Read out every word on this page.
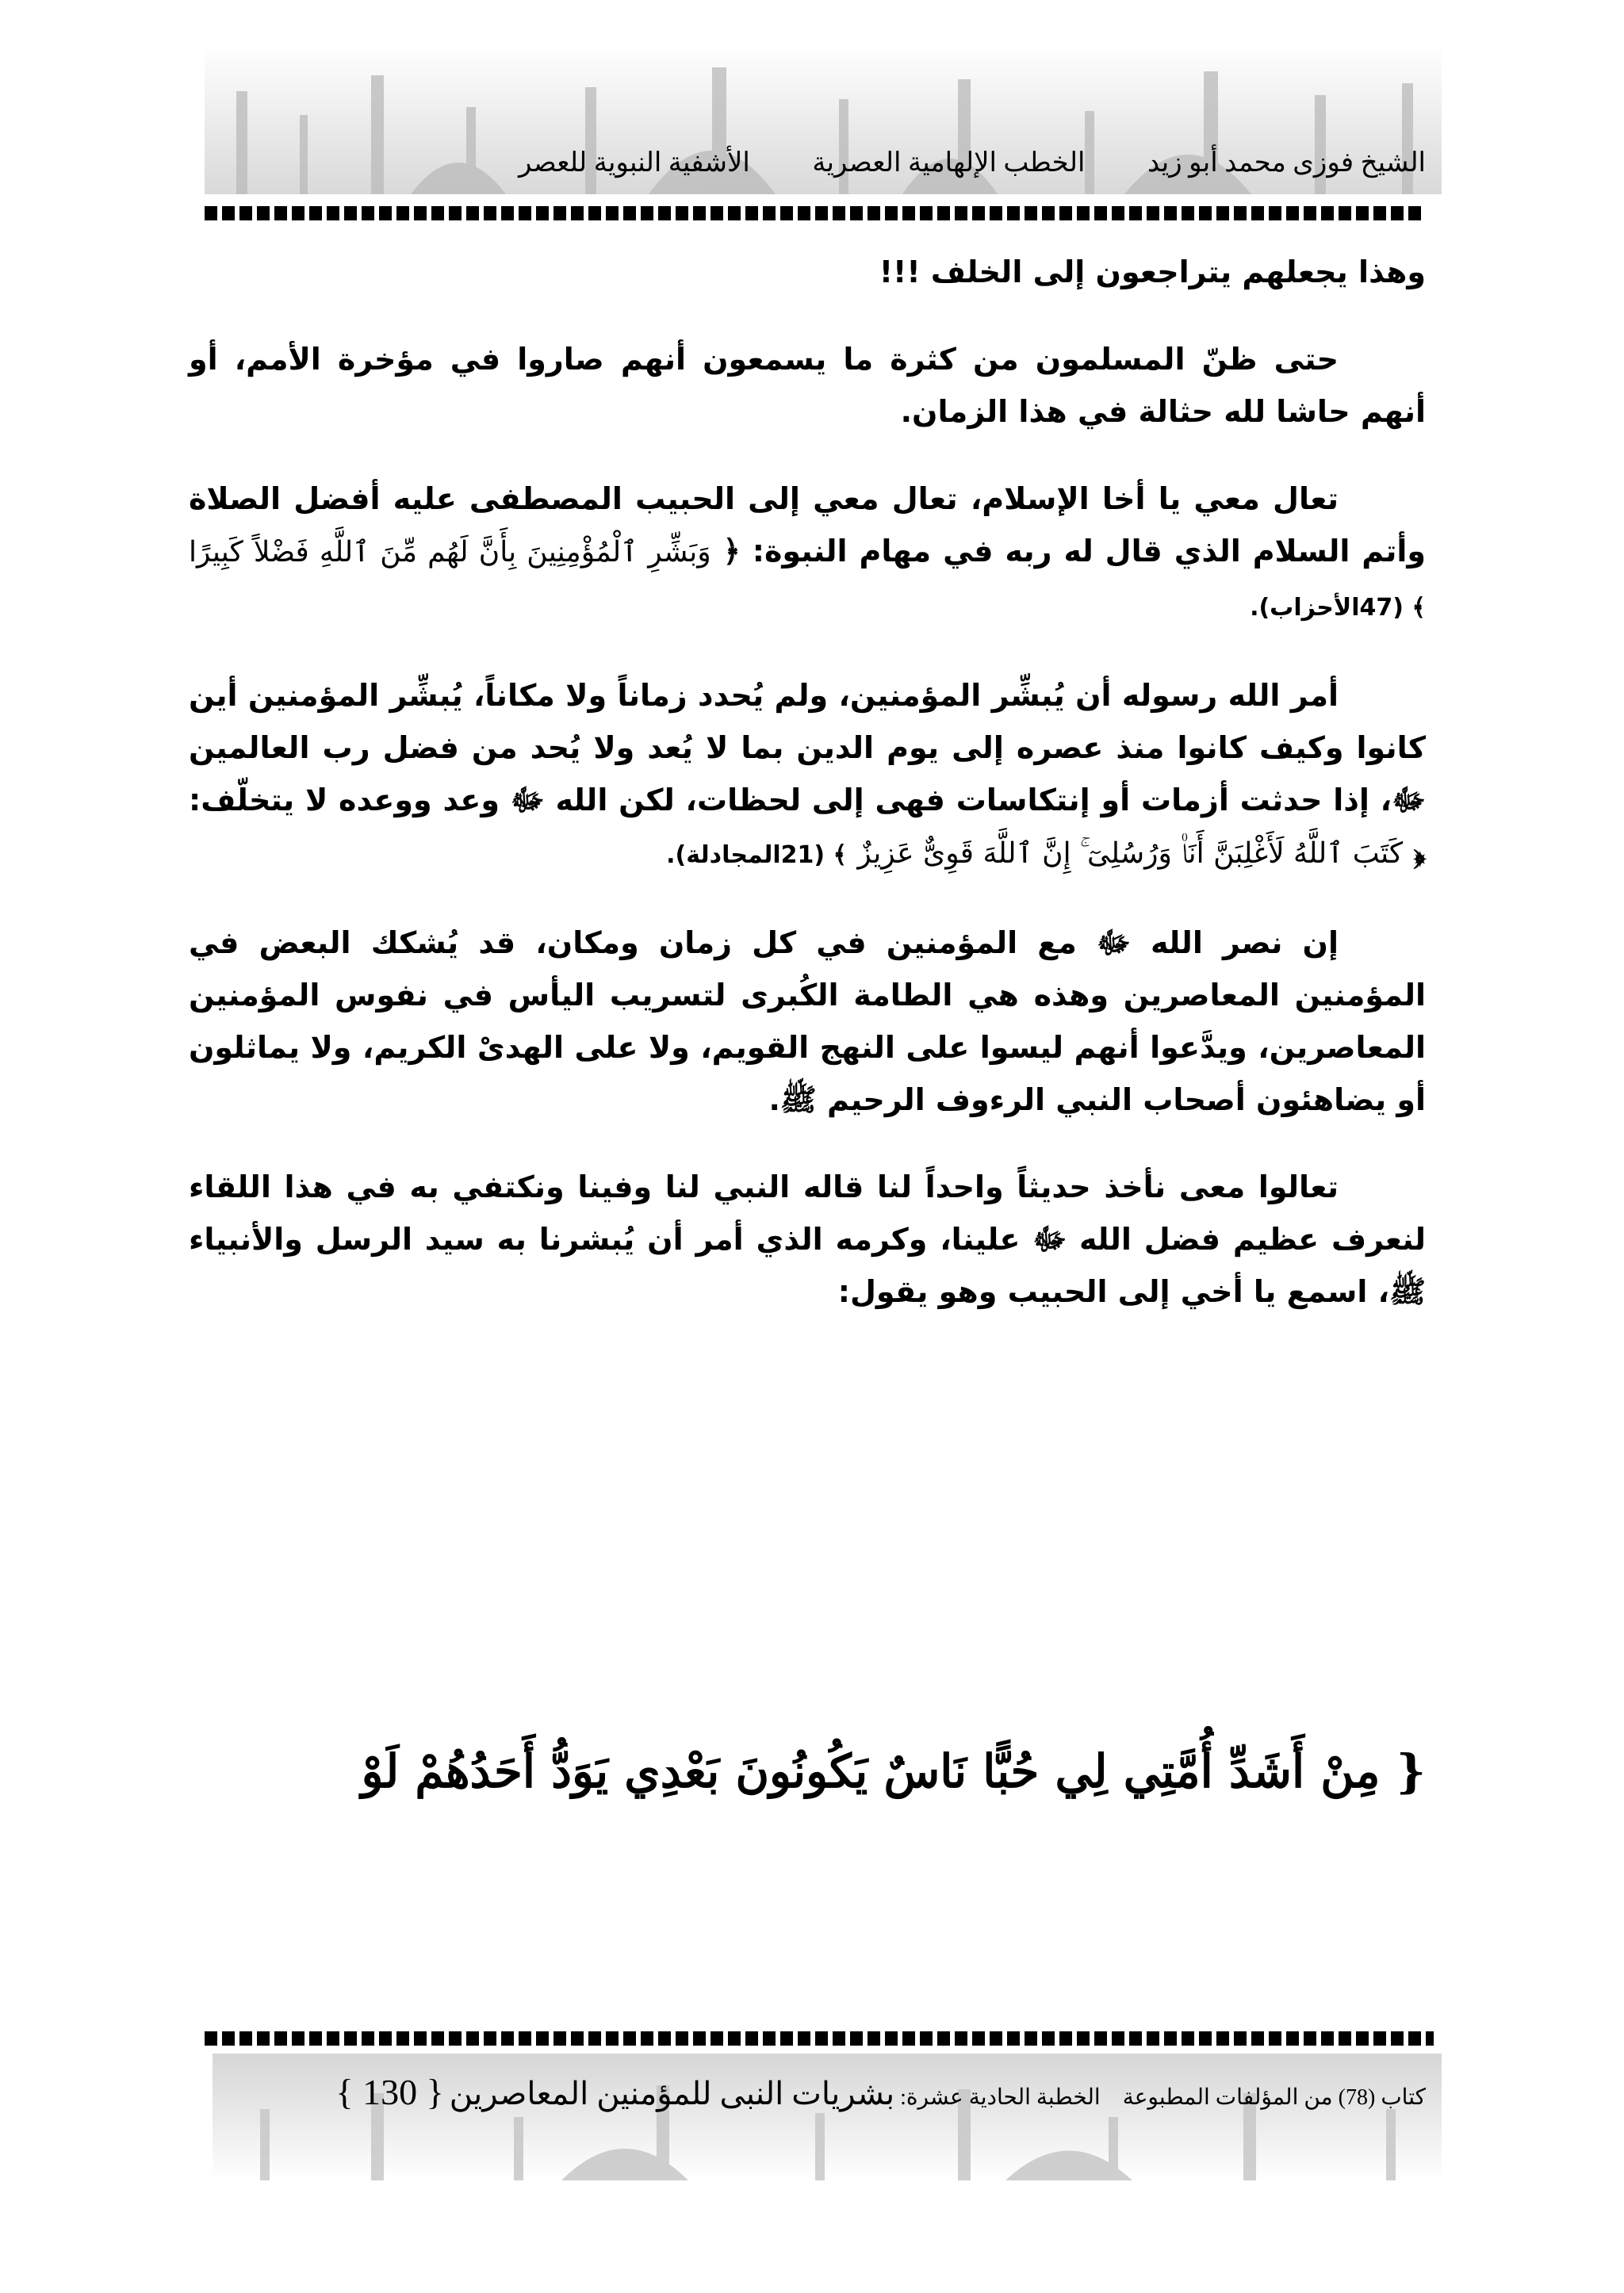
الشيخ فوزى محمد أبو زيد الخطب الإلهامية العصرية الأشفية النبوية للعصر

وهذا يجعلهم يتراجعون إلى الخلف !!!

حتى ظنّ المسلمون من كثرة ما يسمعون أنهم صاروا في مؤخرة الأمم، أو أنهم حاشا لله حثالة في هذا الزمان.

تعال معي يا أخا الإسلام، تعال معي إلى الحبيب المصطفى عليه أفضل الصلاة وأتم السلام الذي قال له ربه في مهام النبوة: ﴿ وَبَشِّرِ ٱلْمُؤْمِنِينَ بِأَنَّ لَهُم مِّنَ ٱللَّهِ فَضْلاً كَبِيرًا ﴾ (47الأحزاب).

أمر الله رسوله أن يُبشِّر المؤمنين، ولم يُحدد زماناً ولا مكاناً، يُبشِّر المؤمنين أين كانوا وكيف كانوا منذ عصره إلى يوم الدين بما لا يُعد ولا يُحد من فضل رب العالمين ﷻ، إذا حدثت أزمات أو إنتكاسات فهى إلى لحظات، لكن الله ﷻ وعد ووعده لا يتخلّف: ﴿ كَتَبَ ٱللَّهُ لَأَغْلِبَنَّ أَنَا۠ وَرُسُلِىٓ ۚ إِنَّ ٱللَّهَ قَوِىٌّ عَزِيزٌ ﴾ (21المجادلة).

إن نصر الله ﷻ مع المؤمنين في كل زمان ومكان، قد يُشكك البعض في المؤمنين المعاصرين وهذه هي الطامة الكُبرى لتسريب اليأس في نفوس المؤمنين المعاصرين، ويدَّعوا أنهم ليسوا على النهج القويم، ولا على الهدىْ الكريم، ولا يماثلون أو يضاهئون أصحاب النبي الرءوف الرحيم ﷺ.

تعالوا معى نأخذ حديثاً واحداً لنا قاله النبي لنا وفينا ونكتفي به في هذا اللقاء لنعرف عظيم فضل الله ﷻ علينا، وكرمه الذي أمر أن يُبشرنا به سيد الرسل والأنبياء ﷺ، اسمع يا أخي إلى الحبيب وهو يقول:

{ مِنْ أَشَدِّ أُمَّتِي لِي حُبًّا نَاسٌ يَكُونُونَ بَعْدِي يَوَدُّ أَحَدُهُمْ لَوْ
كتاب (78) من المؤلفات المطبوعة    الخطبة الحادية عشرة: بشريات النبى للمؤمنين المعاصرين { 130 }
